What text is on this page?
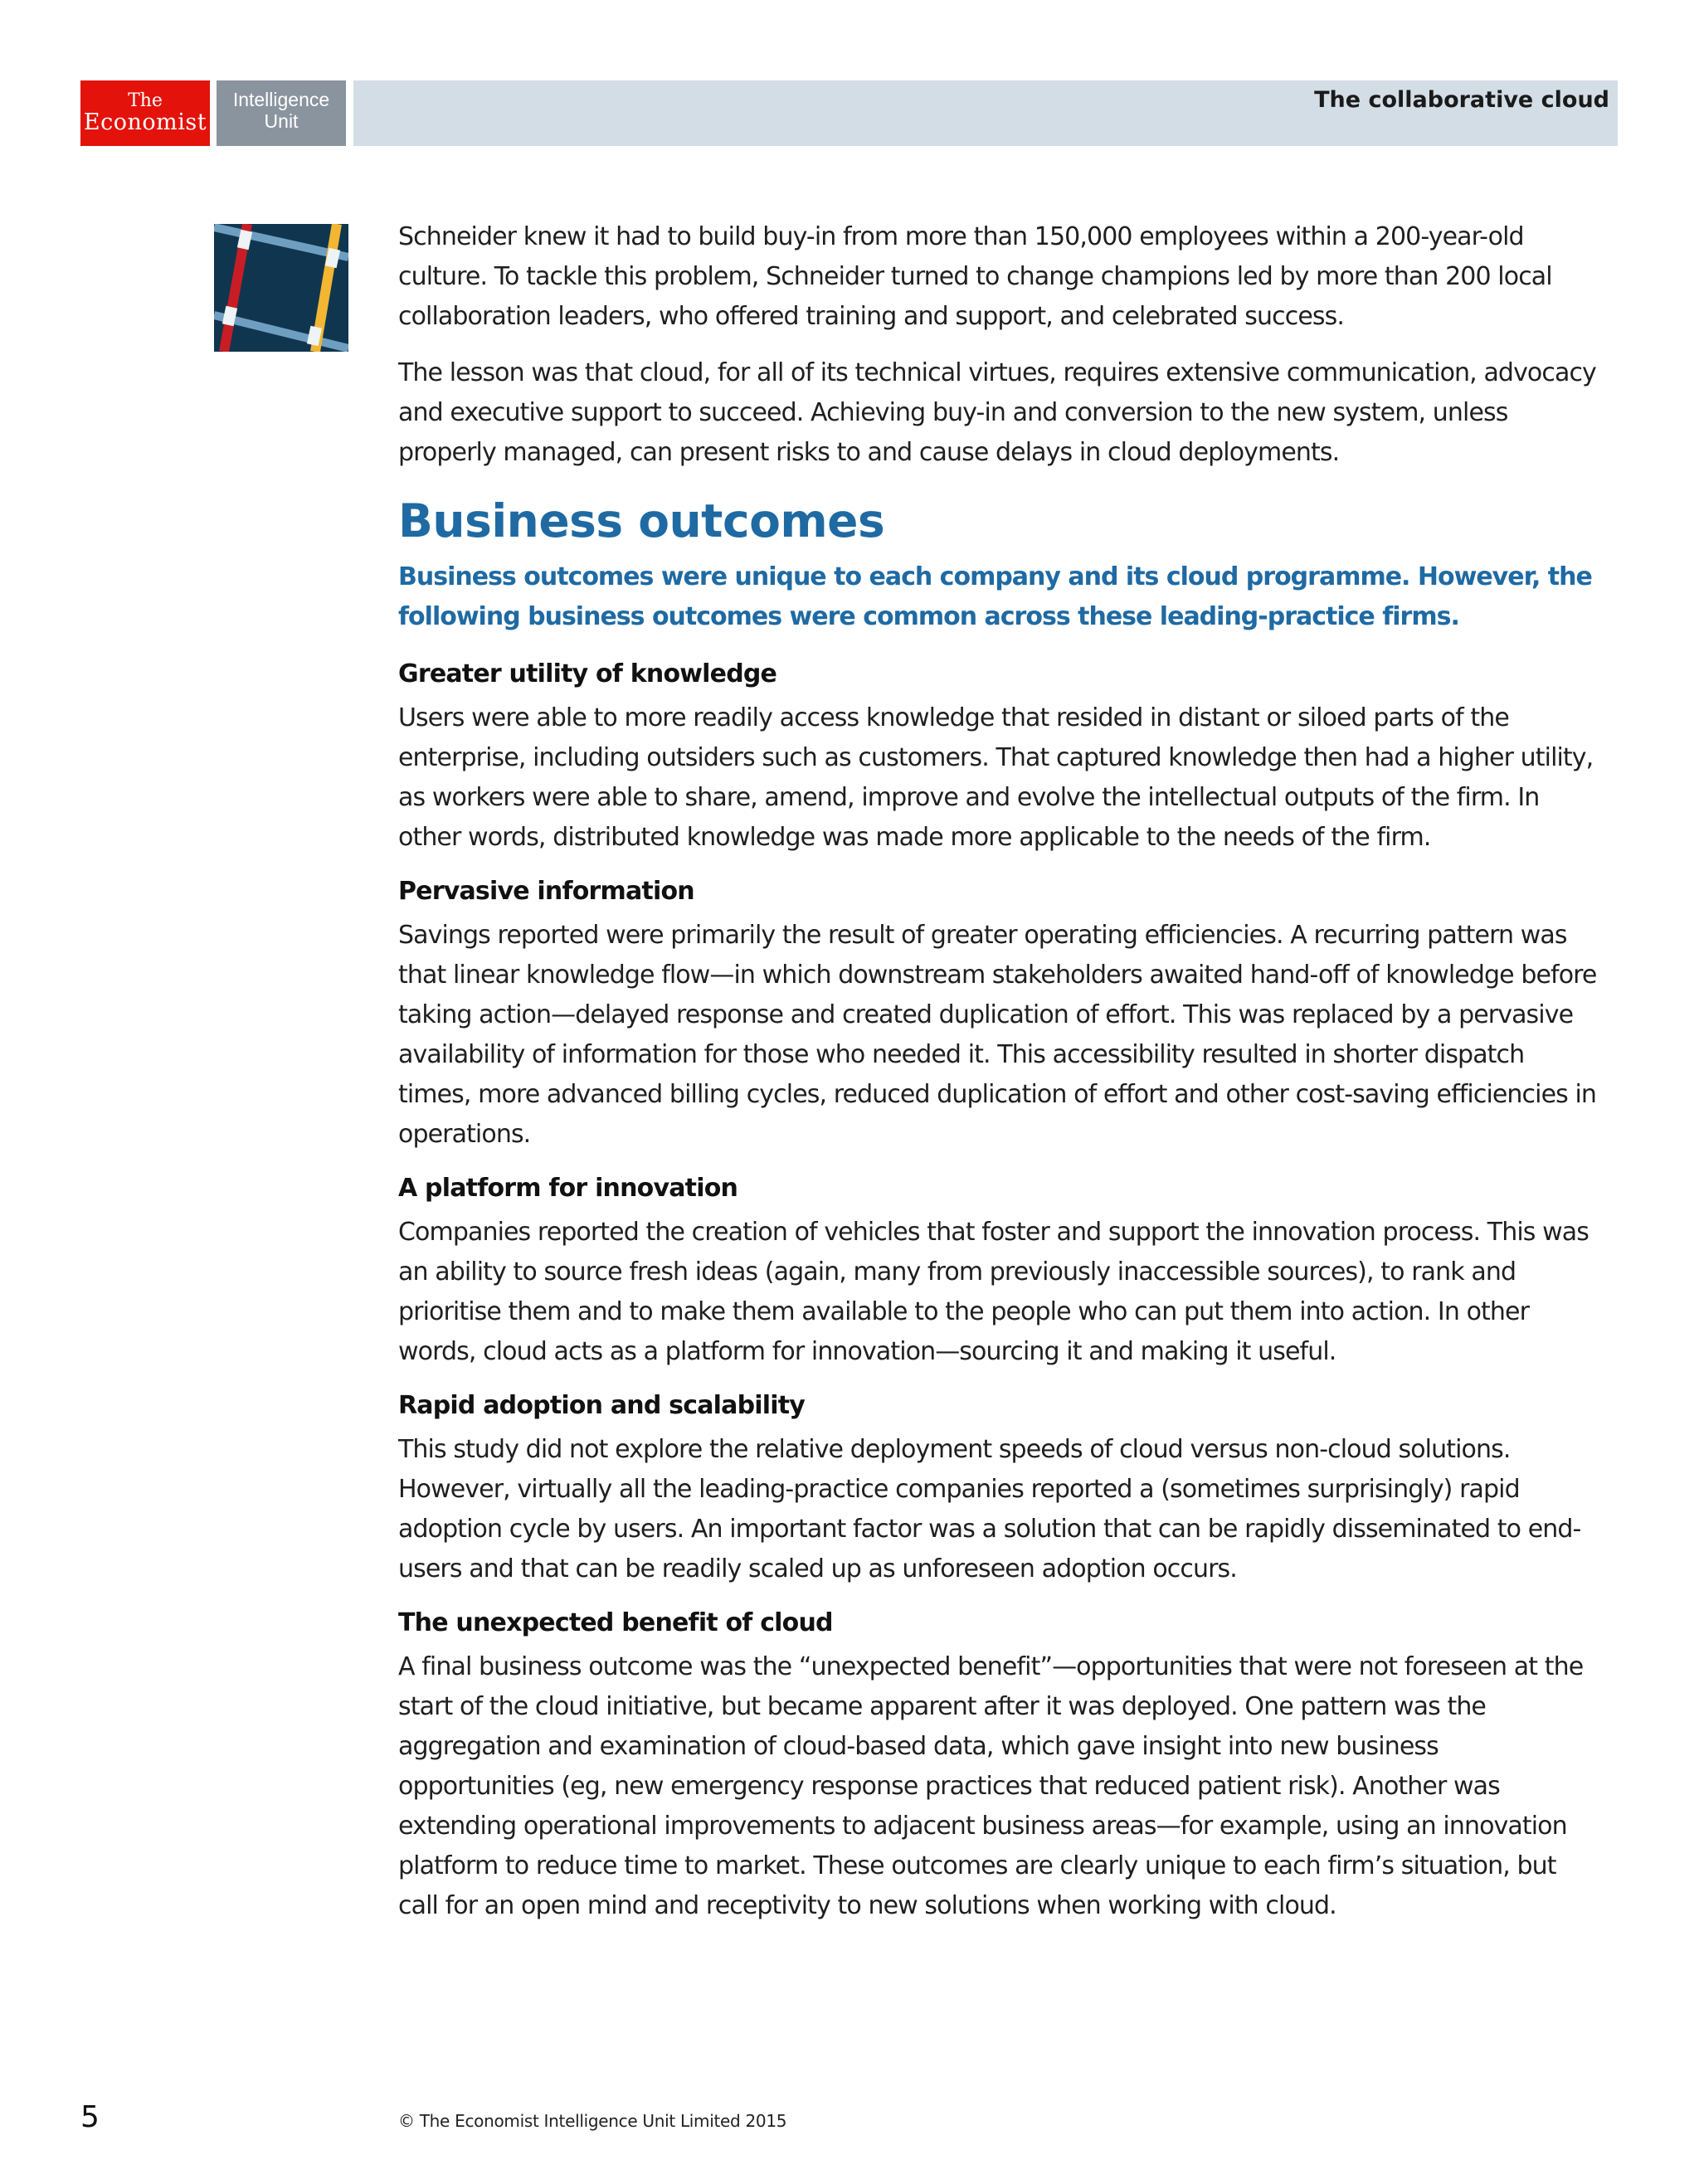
The
Economist
Intelligence
Unit
The collaborative cloud

Schneider knew it had to build buy-in from more than 150,000 employees within a 200-year-old culture. To tackle this problem, Schneider turned to change champions led by more than 200 local collaboration leaders, who offered training and support, and celebrated success.

The lesson was that cloud, for all of its technical virtues, requires extensive communication, advocacy and executive support to succeed. Achieving buy-in and conversion to the new system, unless properly managed, can present risks to and cause delays in cloud deployments.

Business outcomes
Business outcomes were unique to each company and its cloud programme. However, the following business outcomes were common across these leading-practice firms.
Greater utility of knowledge

Users were able to more readily access knowledge that resided in distant or siloed parts of the enterprise, including outsiders such as customers. That captured knowledge then had a higher utility, as workers were able to share, amend, improve and evolve the intellectual outputs of the firm. In other words, distributed knowledge was made more applicable to the needs of the firm.

Pervasive information

Savings reported were primarily the result of greater operating efficiencies. A recurring pattern was that linear knowledge flow—in which downstream stakeholders awaited hand-off of knowledge before taking action—delayed response and created duplication of effort. This was replaced by a pervasive availability of information for those who needed it. This accessibility resulted in shorter dispatch times, more advanced billing cycles, reduced duplication of effort and other cost-saving efficiencies in operations.

A platform for innovation

Companies reported the creation of vehicles that foster and support the innovation process. This was an ability to source fresh ideas (again, many from previously inaccessible sources), to rank and prioritise them and to make them available to the people who can put them into action. In other words, cloud acts as a platform for innovation—sourcing it and making it useful.

Rapid adoption and scalability

This study did not explore the relative deployment speeds of cloud versus non-cloud solutions. However, virtually all the leading-practice companies reported a (sometimes surprisingly) rapid adoption cycle by users. An important factor was a solution that can be rapidly disseminated to end-users and that can be readily scaled up as unforeseen adoption occurs.

The unexpected benefit of cloud

A final business outcome was the “unexpected benefit”—opportunities that were not foreseen at the start of the cloud initiative, but became apparent after it was deployed. One pattern was the aggregation and examination of cloud-based data, which gave insight into new business opportunities (eg, new emergency response practices that reduced patient risk). Another was extending operational improvements to adjacent business areas—for example, using an innovation platform to reduce time to market. These outcomes are clearly unique to each firm’s situation, but call for an open mind and receptivity to new solutions when working with cloud.

5	© The Economist Intelligence Unit Limited 2015
